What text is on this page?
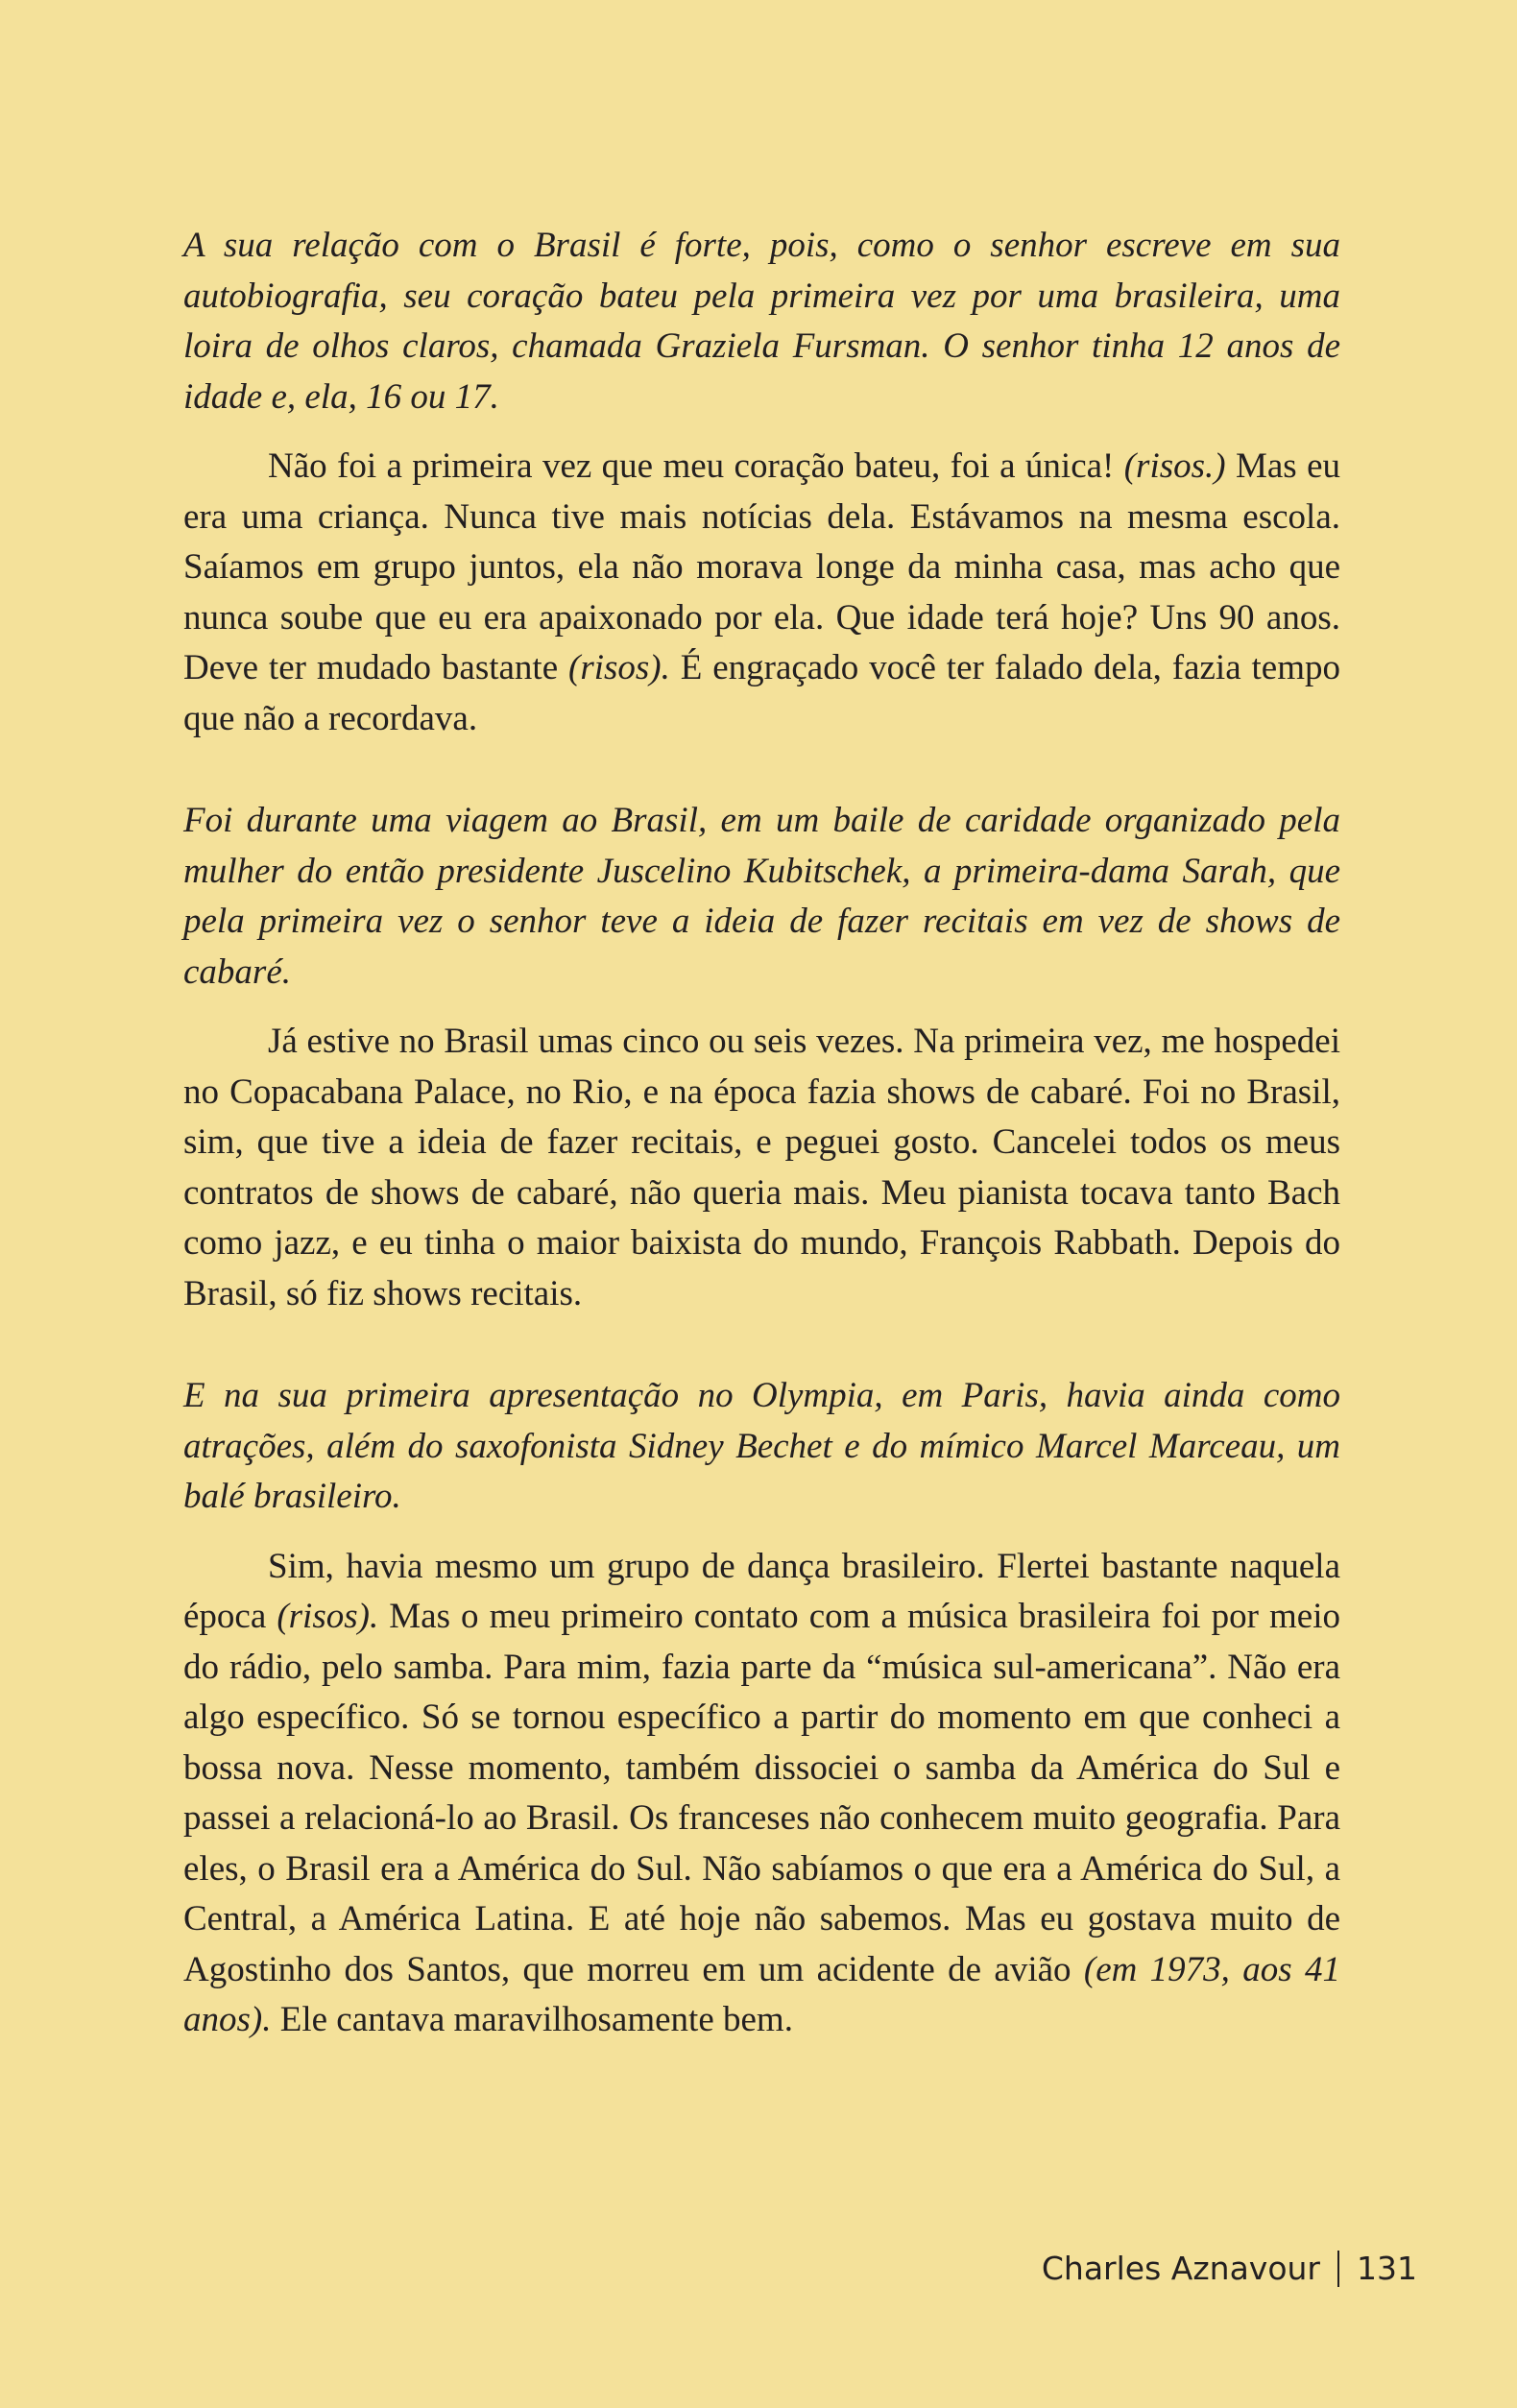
A sua relação com o Brasil é forte, pois, como o senhor escreve em sua autobiografia, seu coração bateu pela primeira vez por uma brasileira, uma loira de olhos claros, chamada Graziela Fursman. O senhor tinha 12 anos de idade e, ela, 16 ou 17.

Não foi a primeira vez que meu coração bateu, foi a única! (risos.) Mas eu era uma criança. Nunca tive mais notícias dela. Estávamos na mesma escola. Saíamos em grupo juntos, ela não morava longe da minha casa, mas acho que nunca soube que eu era apaixonado por ela. Que idade terá hoje? Uns 90 anos. Deve ter mudado bastante (risos). É engraçado você ter falado dela, fazia tempo que não a recordava.

Foi durante uma viagem ao Brasil, em um baile de caridade organizado pela mulher do então presidente Juscelino Kubitschek, a primeira-dama Sarah, que pela primeira vez o senhor teve a ideia de fazer recitais em vez de shows de cabaré.

Já estive no Brasil umas cinco ou seis vezes. Na primeira vez, me hospedei no Copacabana Palace, no Rio, e na época fazia shows de cabaré. Foi no Brasil, sim, que tive a ideia de fazer recitais, e peguei gosto. Cancelei todos os meus contratos de shows de cabaré, não queria mais. Meu pianista tocava tanto Bach como jazz, e eu tinha o maior baixista do mundo, François Rabbath. Depois do Brasil, só fiz shows recitais.

E na sua primeira apresentação no Olympia, em Paris, havia ainda como atrações, além do saxofonista Sidney Bechet e do mímico Marcel Marceau, um balé brasileiro.

Sim, havia mesmo um grupo de dança brasileiro. Flertei bastante naquela época (risos). Mas o meu primeiro contato com a música brasileira foi por meio do rádio, pelo samba. Para mim, fazia parte da “música sul-americana”. Não era algo específico. Só se tornou específico a partir do momento em que conheci a bossa nova. Nesse momento, também dissociei o samba da América do Sul e passei a relacioná-lo ao Brasil. Os franceses não conhecem muito geografia. Para eles, o Brasil era a América do Sul. Não sabíamos o que era a América do Sul, a Central, a América Latina. E até hoje não sabemos. Mas eu gostava muito de Agostinho dos Santos, que morreu em um acidente de avião (em 1973, aos 41 anos). Ele cantava maravilhosamente bem.

Charles Aznavour 131
